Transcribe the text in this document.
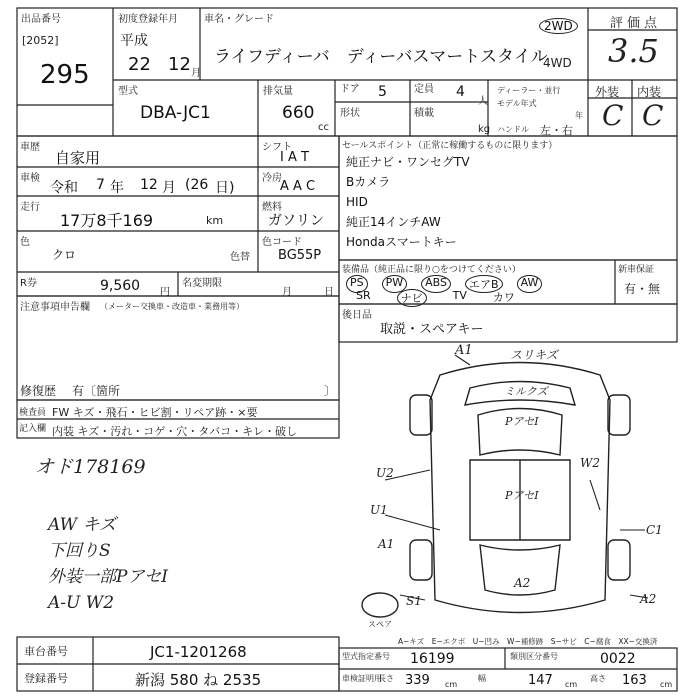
出品番号
[2052]
295
初度登録年月
平成
22 12 月
車名・グレード
ライフディーバ　ディーバスマートスタイル
2WD
4WD
評価点
3.5
外装 内装
C C
型式
DBA-JC1
排気量
660
cc
ドア 5	定員 4
人
形状	積載
kg
ディーラー・並行
モデル年式
年
ハンドル 左・右
車歴
自家用
シフト
I A T
車検
令和 7 年 12 月 (26 日)
冷房
A A C
走行
17万8千169	km
燃料
ガソリン
色
クロ	色替
色コード
BG55P
R券	9,560 円
名変期限
月	日
セールスポイント（正常に稼働するものに限ります）
純正ナビ・ワンセグTV
Bカメラ
HID
純正14インチAW
Hondaスマートキー
装備品（純正品に限り○をつけてください）
PS	PW	ABS	エアB	AW
SR	ナビ	TV カワ
新車保証
有・無
後日品
取説・スペアキー
注意事項申告欄 （メーター交換車・改造車・業務用等）
修復歴 有〔箇所	〕
検査員
記入欄
FW キズ・飛石・ヒビ割・リペア跡・×要
内装 キズ・汚れ・コゲ・穴・タバコ・キレ・破し
オド178169
AW キズ
下回りS
外装一部PアセI
A-U W2
A1	スリキズ
ミルクズ
PアセI
PアセI
U2
W2
U1
A1
C1
A2
S1	A2
スペア
A−キズ　E−エクボ　U−凹み　W−補修跡　S−サビ　C−腐食　XX−交換済
車台番号	JC1-1201268
登録番号	新潟 580 ね 2535
型式指定番号 16199	類別区分番号	0022
車検証明用
長さ 339 cm
幅	147 cm
高さ 163 cm
